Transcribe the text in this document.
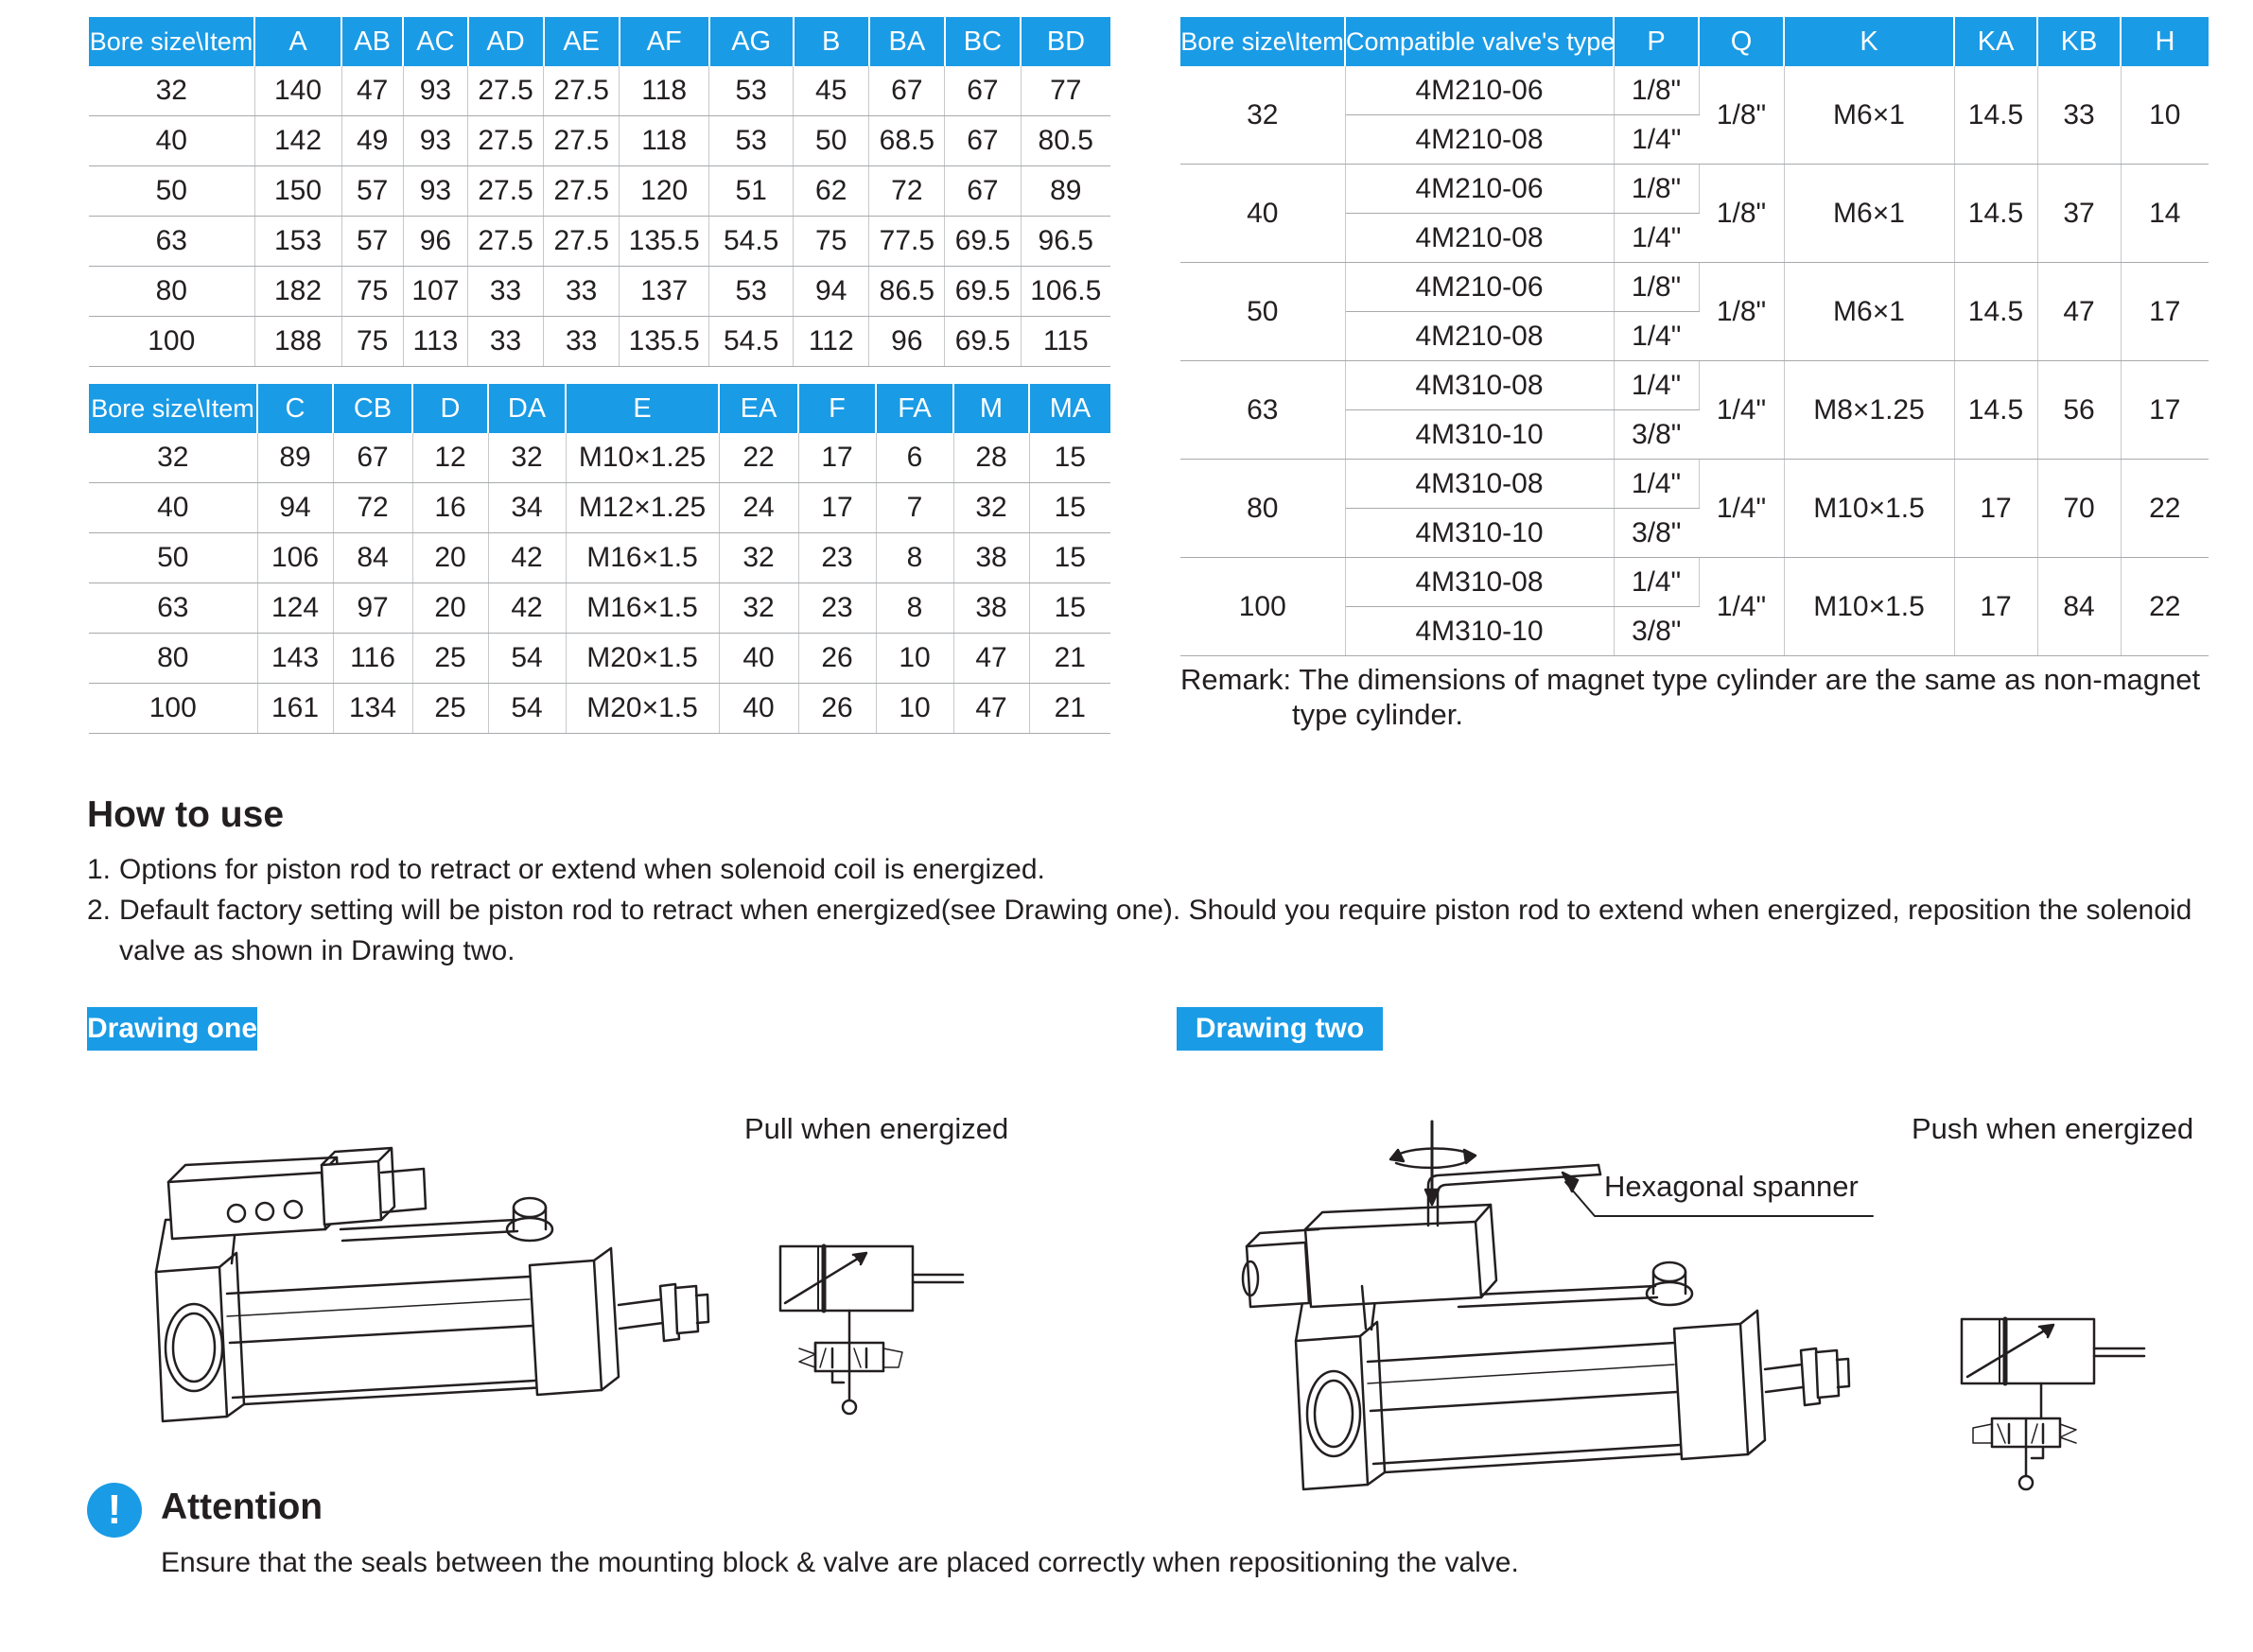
Bore size\Item	A	AB	AC	AD	AE	AF	AG	B	BA	BC	BD
32	140	47	93	27.5	27.5	118	53	45	67	67	77
40	142	49	93	27.5	27.5	118	53	50	68.5	67	80.5
50	150	57	93	27.5	27.5	120	51	62	72	67	89
63	153	57	96	27.5	27.5	135.5	54.5	75	77.5	69.5	96.5
80	182	75	107	33	33	137	53	94	86.5	69.5	106.5
100	188	75	113	33	33	135.5	54.5	112	96	69.5	115
Bore size\Item	C	CB	D	DA	E	EA	F	FA	M	MA
32	89	67	12	32	M10×1.25	22	17	6	28	15
40	94	72	16	34	M12×1.25	24	17	7	32	15
50	106	84	20	42	M16×1.5	32	23	8	38	15
63	124	97	20	42	M16×1.5	32	23	8	38	15
80	143	116	25	54	M20×1.5	40	26	10	47	21
100	161	134	25	54	M20×1.5	40	26	10	47	21
Bore size\Item	Compatible valve's type	P	Q	K	KA	KB	H
32	4M210-06	1/8"	1/8"	M6×1	14.5	33	10
	4M210-08	1/4"					
40	4M210-06	1/8"	1/8"	M6×1	14.5	37	14
	4M210-08	1/4"					
50	4M210-06	1/8"	1/8"	M6×1	14.5	47	17
	4M210-08	1/4"					
63	4M310-08	1/4"	1/4"	M8×1.25	14.5	56	17
	4M310-10	3/8"					
80	4M310-08	1/4"	1/4"	M10×1.5	17	70	22
	4M310-10	3/8"					
100	4M310-08	1/4"	1/4"	M10×1.5	17	84	22
	4M310-10	3/8"					
Remark: The dimensions of magnet type cylinder are the same as non-magnet
type cylinder.
How to use
1. Options for piston rod to retract or extend when solenoid coil is energized.
2. Default factory setting will be piston rod to retract when energized(see Drawing one). Should you require piston rod to extend when energized, reposition the solenoid valve as shown in Drawing two.
Drawing one	Drawing two
Pull when energized	Push when energized
Hexagonal spanner
!	Attention

Ensure that the seals between the mounting block & valve are placed correctly when repositioning the valve.
